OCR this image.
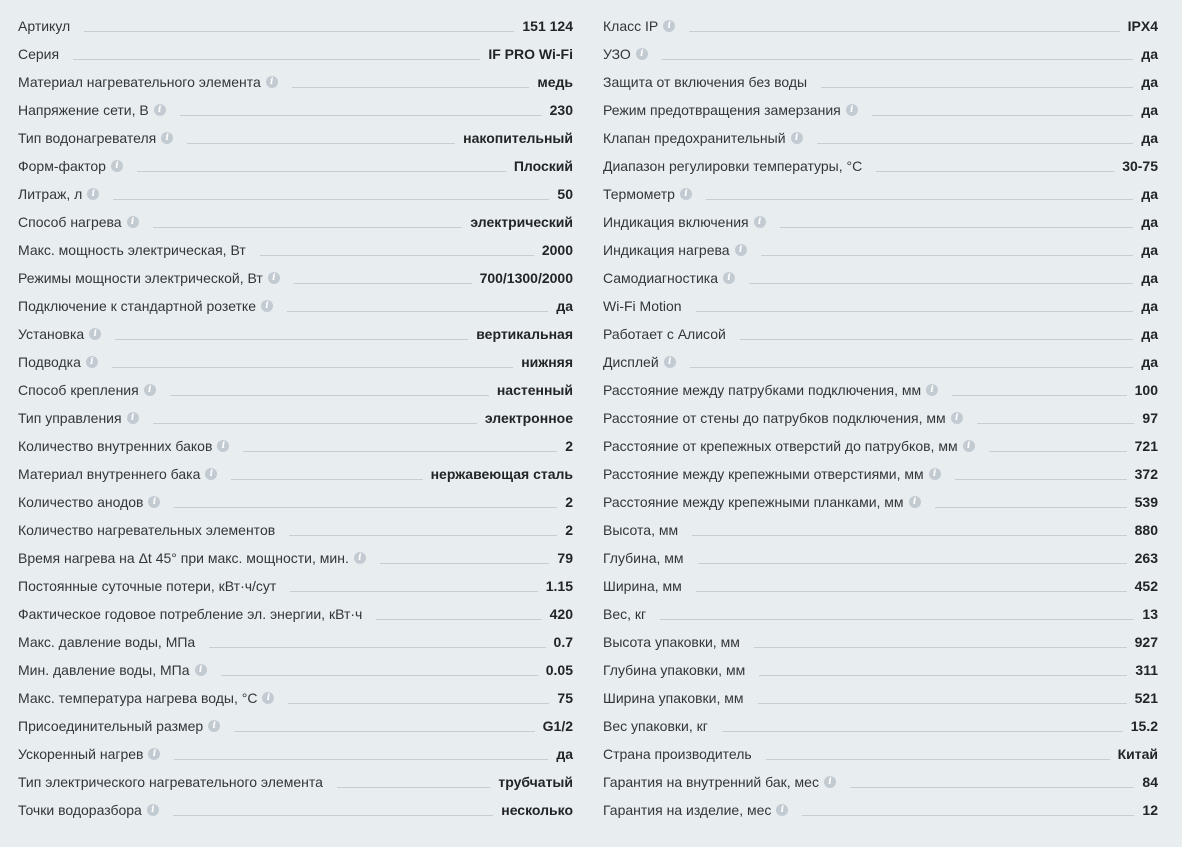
Артикул	151 124
Серия	IF PRO Wi-Fi
Материал нагревательного элемента	i	медь
Напряжение сети, В	i	230
Тип водонагревателя	i	накопительный
Форм-фактор	i	Плоский
Литраж, л	i	50
Способ нагрева	i	электрический
Макс. мощность электрическая, Вт	2000
Режимы мощности электрической, Вт	i	700/1300/2000
Подключение к стандартной розетке	i	да
Установка	i	вертикальная
Подводка	i	нижняя
Способ крепления	i	настенный
Тип управления	i	электронное
Количество внутренних баков	i	2
Материал внутреннего бака	i	нержавеющая сталь
Количество анодов	i	2
Количество нагревательных элементов	2
Время нагрева на Δt 45° при макс. мощности, мин.	i	79
Постоянные суточные потери, кВт·ч/сут	1.15
Фактическое годовое потребление эл. энергии, кВт·ч	420
Макс. давление воды, МПа	0.7
Мин. давление воды, МПа	i	0.05
Макс. температура нагрева воды, °С	i	75
Присоединительный размер	i	G1/2
Ускоренный нагрев	i	да
Тип электрического нагревательного элемента	трубчатый
Точки водоразбора	i	несколько
Класс IP	i	IPX4
УЗО	i	да
Защита от включения без воды	да
Режим предотвращения замерзания	i	да
Клапан предохранительный	i	да
Диапазон регулировки температуры, °С	30-75
Термометр	i	да
Индикация включения	i	да
Индикация нагрева	i	да
Самодиагностика	i	да
Wi-Fi Motion	да
Работает с Алисой	да
Дисплей	i	да
Расстояние между патрубками подключения, мм	i	100
Расстояние от стены до патрубков подключения, мм	i	97
Расстояние от крепежных отверстий до патрубков, мм	i	721
Расстояние между крепежными отверстиями, мм	i	372
Расстояние между крепежными планками, мм	i	539
Высота, мм	880
Глубина, мм	263
Ширина, мм	452
Вес, кг	13
Высота упаковки, мм	927
Глубина упаковки, мм	311
Ширина упаковки, мм	521
Вес упаковки, кг	15.2
Страна производитель	Китай
Гарантия на внутренний бак, мес	i	84
Гарантия на изделие, мес	i	12
